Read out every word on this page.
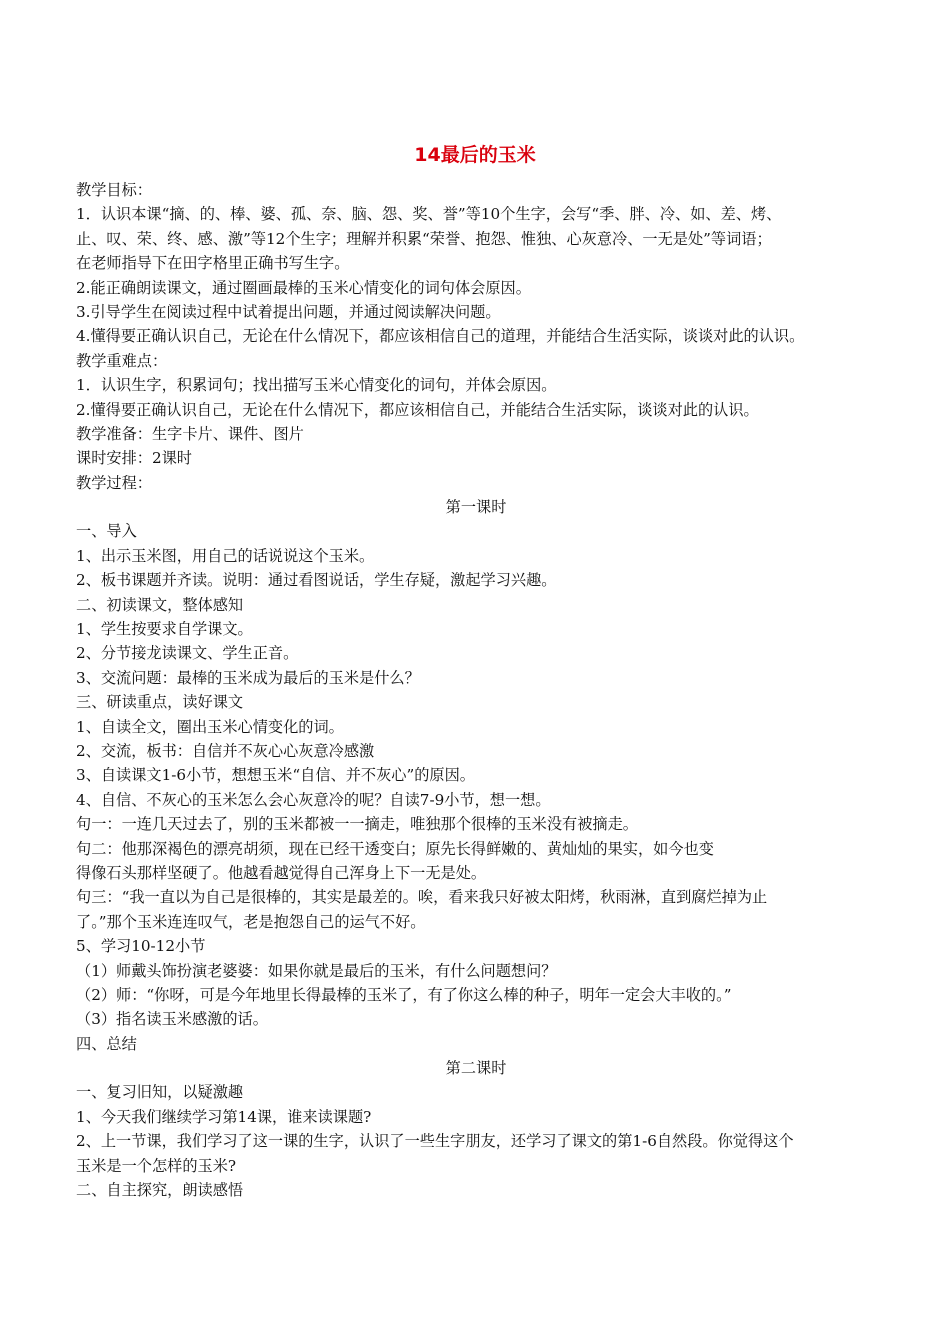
14最后的玉米
教学目标：
1．认识本课“摘、的、棒、婆、孤、奈、脑、怨、奖、誉”等10个生字，会写“季、胖、冷、如、差、烤、
止、叹、荣、终、感、激”等12个生字；理解并积累“荣誉、抱怨、惟独、心灰意冷、一无是处”等词语；
在老师指导下在田字格里正确书写生字。
2.能正确朗读课文，通过圈画最棒的玉米心情变化的词句体会原因。
3.引导学生在阅读过程中试着提出问题，并通过阅读解决问题。
4.懂得要正确认识自己，无论在什么情况下，都应该相信自己的道理，并能结合生活实际，谈谈对此的认识。
教学重难点：
1．认识生字，积累词句；找出描写玉米心情变化的词句，并体会原因。
2.懂得要正确认识自己，无论在什么情况下，都应该相信自己，并能结合生活实际，谈谈对此的认识。
教学准备：生字卡片、课件、图片
课时安排：2课时
教学过程：
第一课时
一、导入
1、出示玉米图，用自己的话说说这个玉米。
2、板书课题并齐读。说明：通过看图说话，学生存疑，激起学习兴趣。
二、初读课文，整体感知
1、学生按要求自学课文。
2、分节接龙读课文、学生正音。
3、交流问题：最棒的玉米成为最后的玉米是什么？
三、研读重点，读好课文
1、自读全文，圈出玉米心情变化的词。
2、交流，板书：自信并不灰心心灰意冷感激
3、自读课文1-6小节，想想玉米“自信、并不灰心”的原因。
4、自信、不灰心的玉米怎么会心灰意冷的呢？自读7-9小节，想一想。
句一：一连几天过去了，别的玉米都被一一摘走，唯独那个很棒的玉米没有被摘走。
句二：他那深褐色的漂亮胡须，现在已经干透变白；原先长得鲜嫩的、黄灿灿的果实，如今也变
得像石头那样坚硬了。他越看越觉得自己浑身上下一无是处。
句三：“我一直以为自己是很棒的，其实是最差的。唉，看来我只好被太阳烤，秋雨淋，直到腐烂掉为止
了。”那个玉米连连叹气，老是抱怨自己的运气不好。
5、学习10-12小节
（1）师戴头饰扮演老婆婆：如果你就是最后的玉米，有什么问题想问？
（2）师：“你呀，可是今年地里长得最棒的玉米了，有了你这么棒的种子，明年一定会大丰收的。”
（3）指名读玉米感激的话。
四、总结
第二课时
一、复习旧知，以疑激趣
1、今天我们继续学习第14课，谁来读课题?
2、上一节课，我们学习了这一课的生字，认识了一些生字朋友，还学习了课文的第1-6自然段。你觉得这个
玉米是一个怎样的玉米?
二、自主探究，朗读感悟
